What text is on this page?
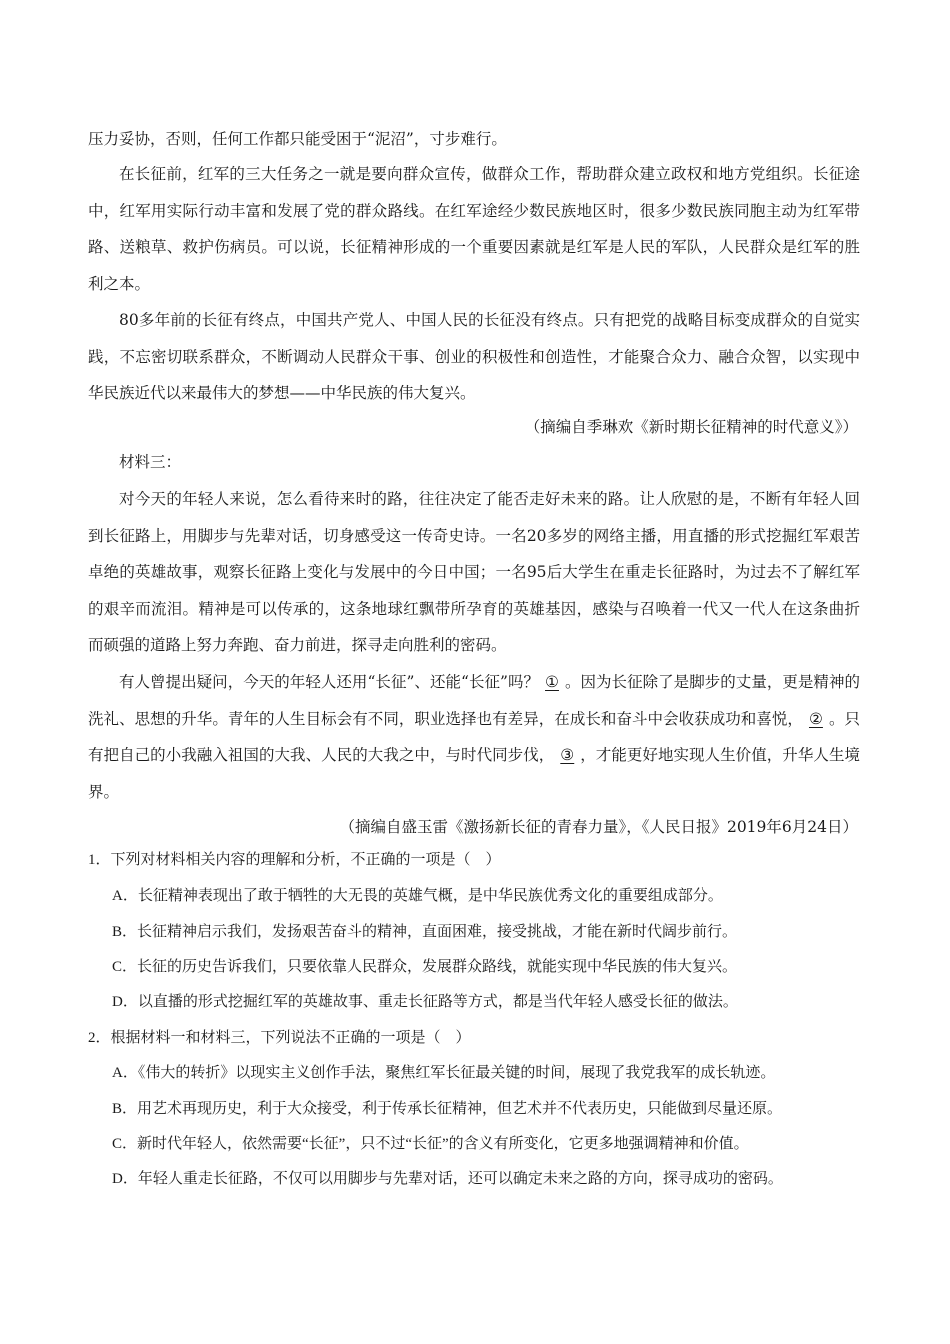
压力妥协，否则，任何工作都只能受困于“泥沼”，寸步难行。

在长征前，红军的三大任务之一就是要向群众宣传，做群众工作，帮助群众建立政权和地方党组织。长征途中，红军用实际行动丰富和发展了党的群众路线。在红军途经少数民族地区时，很多少数民族同胞主动为红军带路、送粮草、救护伤病员。可以说，长征精神形成的一个重要因素就是红军是人民的军队，人民群众是红军的胜利之本。

80多年前的长征有终点，中国共产党人、中国人民的长征没有终点。只有把党的战略目标变成群众的自觉实践，不忘密切联系群众，不断调动人民群众干事、创业的积极性和创造性，才能聚合众力、融合众智，以实现中华民族近代以来最伟大的梦想——中华民族的伟大复兴。

（摘编自季琳欢《新时期长征精神的时代意义》）

材料三：

对今天的年轻人来说，怎么看待来时的路，往往决定了能否走好未来的路。让人欣慰的是，不断有年轻人回到长征路上，用脚步与先辈对话，切身感受这一传奇史诗。一名20多岁的网络主播，用直播的形式挖掘红军艰苦卓绝的英雄故事，观察长征路上变化与发展中的今日中国；一名95后大学生在重走长征路时，为过去不了解红军的艰辛而流泪。精神是可以传承的，这条地球红飘带所孕育的英雄基因，感染与召唤着一代又一代人在这条曲折而硕强的道路上努力奔跑、奋力前进，探寻走向胜利的密码。

有人曾提出疑问，今天的年轻人还用“长征”、还能“长征”吗？ ① 。因为长征除了是脚步的丈量，更是精神的洗礼、思想的升华。青年的人生目标会有不同，职业选择也有差异，在成长和奋斗中会收获成功和喜悦， ② 。只有把自己的小我融入祖国的大我、人民的大我之中，与时代同步伐， ③ ，才能更好地实现人生价值，升华人生境界。

（摘编自盛玉雷《激扬新长征的青春力量》，《人民日报》2019年6月24日）

1．下列对材料相关内容的理解和分析，不正确的一项是（　）

A．长征精神表现出了敢于牺牲的大无畏的英雄气概，是中华民族优秀文化的重要组成部分。

B．长征精神启示我们，发扬艰苦奋斗的精神，直面困难，接受挑战，才能在新时代阔步前行。

C．长征的历史告诉我们，只要依靠人民群众，发展群众路线，就能实现中华民族的伟大复兴。

D．以直播的形式挖掘红军的英雄故事、重走长征路等方式，都是当代年轻人感受长征的做法。

2．根据材料一和材料三，下列说法不正确的一项是（　）

A．《伟大的转折》以现实主义创作手法，聚焦红军长征最关键的时间，展现了我党我军的成长轨迹。

B．用艺术再现历史，利于大众接受，利于传承长征精神，但艺术并不代表历史，只能做到尽量还原。

C．新时代年轻人，依然需要“长征”，只不过“长征”的含义有所变化，它更多地强调精神和价值。

D．年轻人重走长征路，不仅可以用脚步与先辈对话，还可以确定未来之路的方向，探寻成功的密码。
